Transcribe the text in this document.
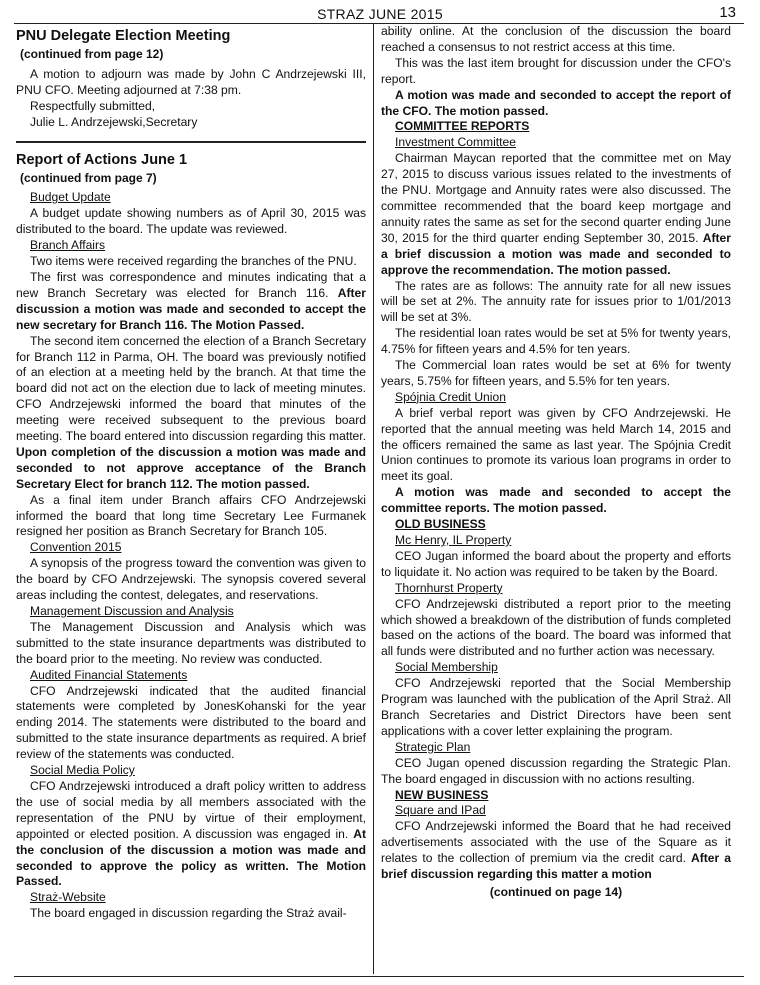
STRAZ JUNE 2015	13
PNU Delegate Election Meeting
(continued from page 12)

A motion to adjourn was made by John C Andrzejewski III, PNU CFO. Meeting adjourned at 7:38 pm.

Respectfully submitted,

Julie L. Andrzejewski,Secretary

Report of Actions June 1
(continued from page 7)

Budget Update

A budget update showing numbers as of April 30, 2015 was distributed to the board. The update was reviewed.

Branch Affairs

Two items were received regarding the branches of the PNU.

The first was correspondence and minutes indicating that a new Branch Secretary was elected for Branch 116. After discussion a motion was made and seconded to accept the new secretary for Branch 116. The Motion Passed.

The second item concerned the election of a Branch Secretary for Branch 112 in Parma, OH. The board was previously notified of an election at a meeting held by the branch. At that time the board did not act on the election due to lack of meeting minutes. CFO Andrzejewski informed the board that minutes of the meeting were received subsequent to the previous board meeting. The board entered into discussion regarding this matter. Upon completion of the discussion a motion was made and seconded to not approve acceptance of the Branch Secretary Elect for branch 112. The motion passed.

As a final item under Branch affairs CFO Andrzejewski informed the board that long time Secretary Lee Furmanek resigned her position as Branch Secretary for Branch 105.

Convention 2015

A synopsis of the progress toward the convention was given to the board by CFO Andrzejewski. The synopsis covered several areas including the contest, delegates, and reservations.

Management Discussion and Analysis

The Management Discussion and Analysis which was submitted to the state insurance departments was distributed to the board prior to the meeting. No review was conducted.

Audited Financial Statements

CFO Andrzejewski indicated that the audited financial statements were completed by JonesKohanski for the year ending 2014. The statements were distributed to the board and submitted to the state insurance departments as required. A brief review of the statements was conducted.

Social Media Policy

CFO Andrzejewski introduced a draft policy written to address the use of social media by all members associated with the representation of the PNU by virtue of their employment, appointed or elected position. A discussion was engaged in. At the conclusion of the discussion a motion was made and seconded to approve the policy as written. The Motion Passed.

Straż-Website

The board engaged in discussion regarding the Straż avail-

ability online. At the conclusion of the discussion the board reached a consensus to not restrict access at this time.

This was the last item brought for discussion under the CFO's report.

A motion was made and seconded to accept the report of the CFO. The motion passed.

COMMITTEE REPORTS

Investment Committee

Chairman Maycan reported that the committee met on May 27, 2015 to discuss various issues related to the investments of the PNU. Mortgage and Annuity rates were also discussed. The committee recommended that the board keep mortgage and annuity rates the same as set for the second quarter ending June 30, 2015 for the third quarter ending September 30, 2015. After a brief discussion a motion was made and seconded to approve the recommendation. The motion passed.

The rates are as follows: The annuity rate for all new issues will be set at 2%. The annuity rate for issues prior to 1/01/2013 will be set at 3%.

The residential loan rates would be set at 5% for twenty years, 4.75% for fifteen years and 4.5% for ten years.

The Commercial loan rates would be set at 6% for twenty years, 5.75% for fifteen years, and 5.5% for ten years.

Spójnia Credit Union

A brief verbal report was given by CFO Andrzejewski. He reported that the annual meeting was held March 14, 2015 and the officers remained the same as last year. The Spójnia Credit Union continues to promote its various loan programs in order to meet its goal.

A motion was made and seconded to accept the committee reports. The motion passed.

OLD BUSINESS

Mc Henry, IL Property

CEO Jugan informed the board about the property and efforts to liquidate it. No action was required to be taken by the Board.

Thornhurst Property

CFO Andrzejewski distributed a report prior to the meeting which showed a breakdown of the distribution of funds completed based on the actions of the board. The board was informed that all funds were distributed and no further action was necessary.

Social Membership

CFO Andrzejewski reported that the Social Membership Program was launched with the publication of the April Straż. All Branch Secretaries and District Directors have been sent applications with a cover letter explaining the program.

Strategic Plan

CEO Jugan opened discussion regarding the Strategic Plan. The board engaged in discussion with no actions resulting.

NEW BUSINESS

Square and IPad

CFO Andrzejewski informed the Board that he had received advertisements associated with the use of the Square as it relates to the collection of premium via the credit card. After a brief discussion regarding this matter a motion

(continued on page 14)
